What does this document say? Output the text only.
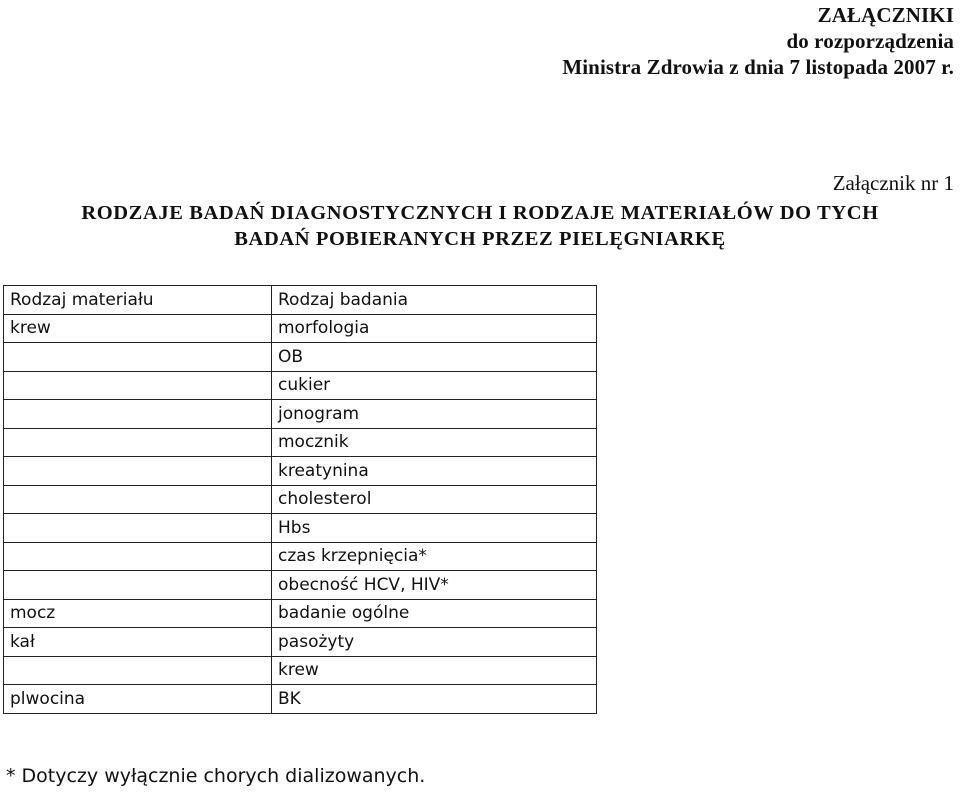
ZAŁĄCZNIKI
do rozporządzenia
Ministra Zdrowia z dnia 7 listopada 2007 r.
Załącznik nr 1
RODZAJE BADAŃ DIAGNOSTYCZNYCH I RODZAJE MATERIAŁÓW DO TYCH
BADAŃ POBIERANYCH PRZEZ PIELĘGNIARKĘ
Rodzaj materiału	Rodzaj badania
krew	morfologia
	OB
	cukier
	jonogram
	mocznik
	kreatynina
	cholesterol
	Hbs
	czas krzepnięcia*
	obecność HCV, HIV*
mocz	badanie ogólne
kał	pasożyty
	krew
plwocina	BK
* Dotyczy wyłącznie chorych dializowanych.
